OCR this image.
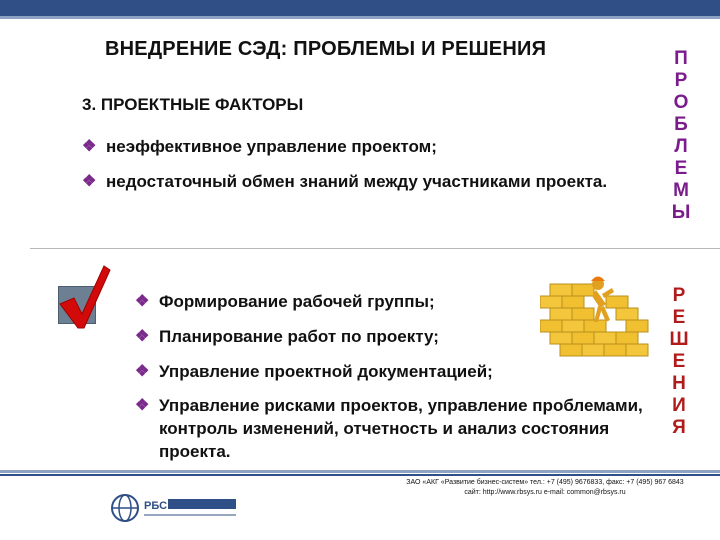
ВНЕДРЕНИЕ СЭД: ПРОБЛЕМЫ И РЕШЕНИЯ
3. ПРОЕКТНЫЕ ФАКТОРЫ
❖ неэффективное управление проектом;
❖ недостаточный обмен знаний между участниками проекта.
П
Р
О
Б
Л
Е
М
Ы
❖ Формирование рабочей группы;
❖ Планирование работ по проекту;
❖ Управление проектной документацией;
❖ Управление рисками проектов, управление проблемами, контроль изменений, отчетность и анализ состояния проекта.
Р
Е
Ш
Е
Н
И
Я
РБС
ЗАО «АКГ «Развитие бизнес-систем» тел.: +7 (495) 9676833, факс: +7 (495) 967 6843
сайт: http://www.rbsys.ru e-mail: common@rbsys.ru
